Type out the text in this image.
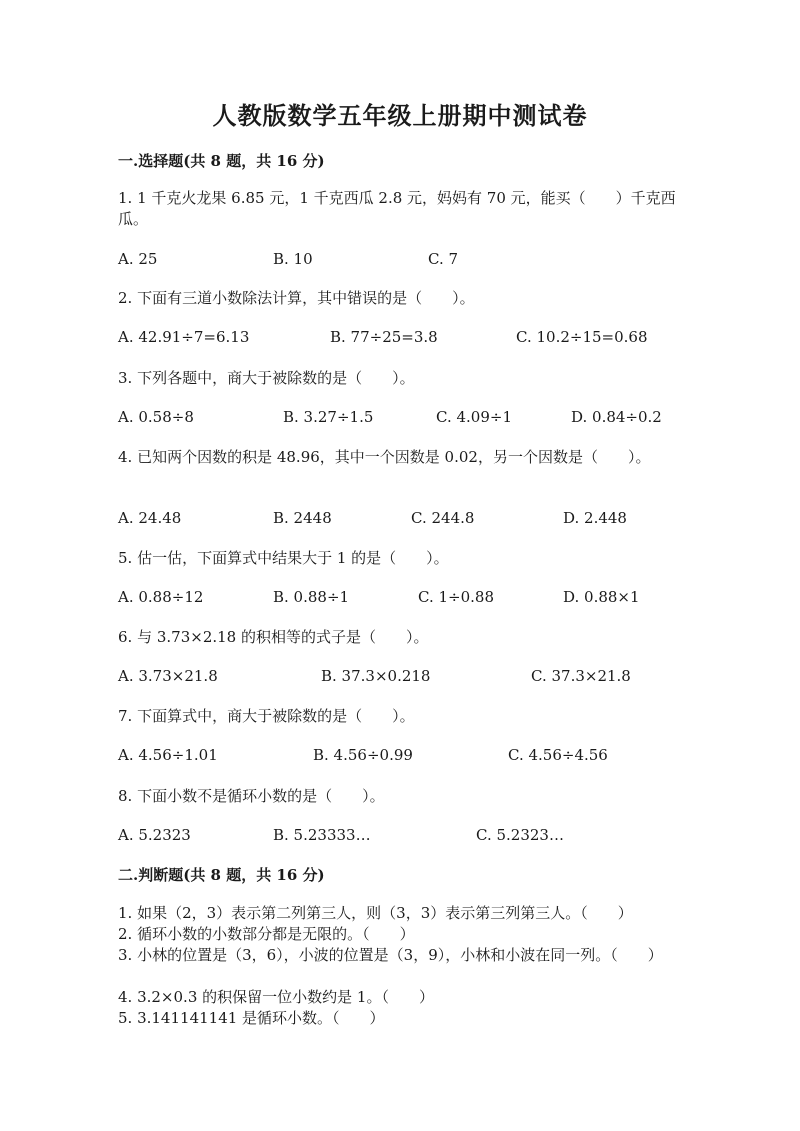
人教版数学五年级上册期中测试卷
一.选择题(共 8 题，共 16 分)
1. 1 千克火龙果 6.85 元，1 千克西瓜 2.8 元，妈妈有 70 元，能买（　　）千克西瓜。
A. 25	B. 10	C. 7
2. 下面有三道小数除法计算，其中错误的是（　　）。
A. 42.91÷7=6.13	B. 77÷25=3.8	C. 10.2÷15=0.68
3. 下列各题中，商大于被除数的是（　　）。
A. 0.58÷8	B. 3.27÷1.5	C. 4.09÷1	D. 0.84÷0.2
4. 已知两个因数的积是 48.96，其中一个因数是 0.02，另一个因数是（　　）。
A. 24.48	B. 2448	C. 244.8	D. 2.448
5. 估一估，下面算式中结果大于 1 的是（　　）。
A. 0.88÷12	B. 0.88÷1	C. 1÷0.88	D. 0.88×1
6. 与 3.73×2.18 的积相等的式子是（　　）。
A. 3.73×21.8	B. 37.3×0.218	C. 37.3×21.8
7. 下面算式中，商大于被除数的是（　　）。
A. 4.56÷1.01	B. 4.56÷0.99	C. 4.56÷4.56
8. 下面小数不是循环小数的是（　　）。
A. 5.2323	B. 5.23333…	C. 5.2323…
二.判断题(共 8 题，共 16 分)
1. 如果（2，3）表示第二列第三人，则（3，3）表示第三列第三人。（　　）
2. 循环小数的小数部分都是无限的。（　　）
3. 小林的位置是（3，6），小波的位置是（3，9），小林和小波在同一列。（　　）
4. 3.2×0.3 的积保留一位小数约是 1。（　　）
5. 3.141141141 是循环小数。（　　）
